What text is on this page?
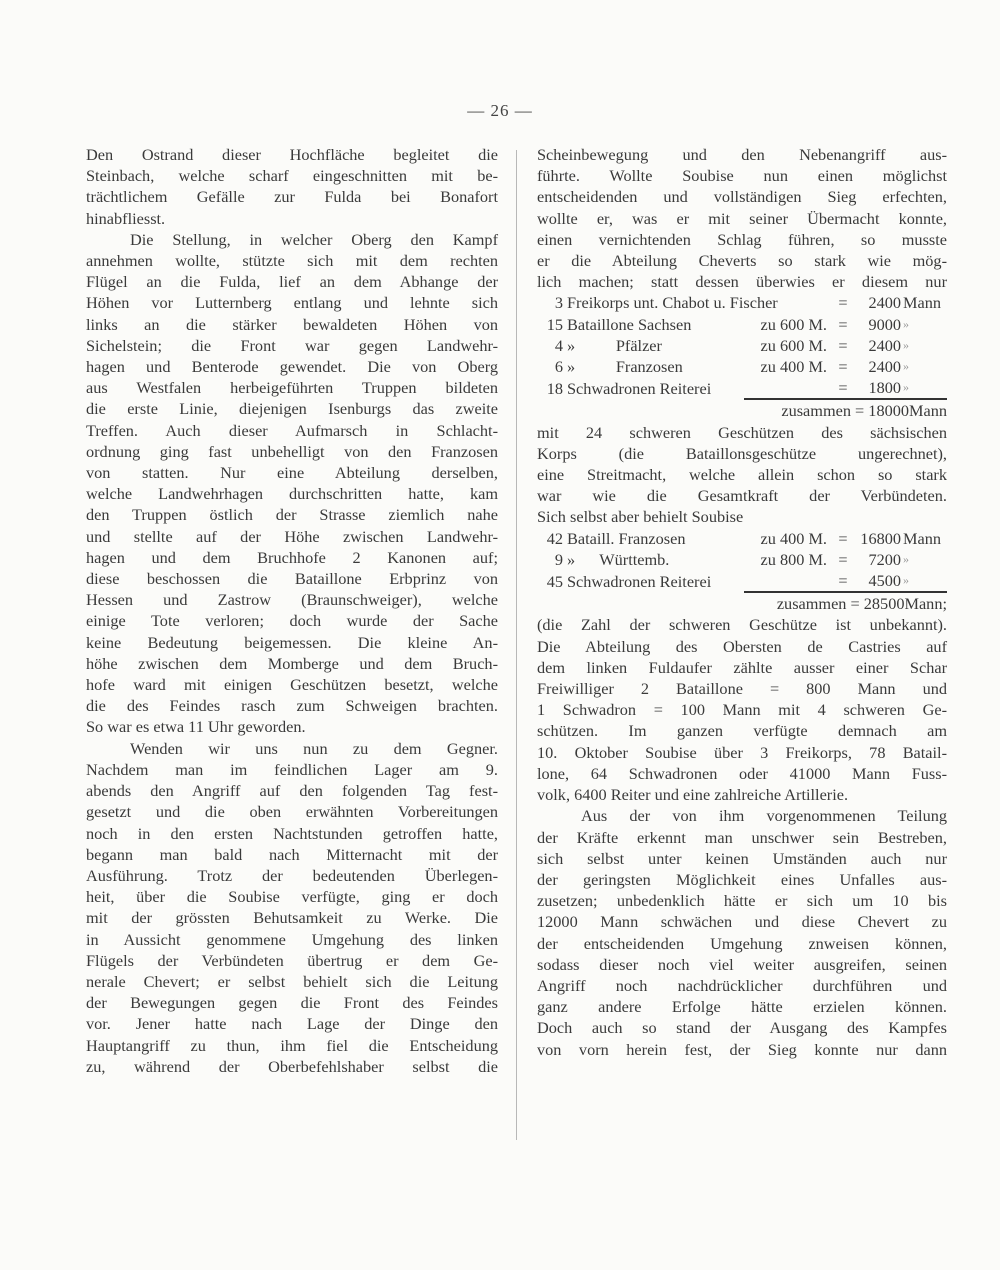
— 26 —
Den Ostrand dieser Hochfläche begleitet die
Steinbach, welche scharf eingeschnitten mit be-
trächtlichem Gefälle zur Fulda bei Bonafort
hinabfliesst.
Die Stellung, in welcher Oberg den Kampf
annehmen wollte, stützte sich mit dem rechten
Flügel an die Fulda, lief an dem Abhange der
Höhen vor Lutternberg entlang und lehnte sich
links an die stärker bewaldeten Höhen von
Sichelstein; die Front war gegen Landwehr-
hagen und Benterode gewendet. Die von Oberg
aus Westfalen herbeigeführten Truppen bildeten
die erste Linie, diejenigen Isenburgs das zweite
Treffen. Auch dieser Aufmarsch in Schlacht-
ordnung ging fast unbehelligt von den Franzosen
von statten. Nur eine Abteilung derselben,
welche Landwehrhagen durchschritten hatte, kam
den Truppen östlich der Strasse ziemlich nahe
und stellte auf der Höhe zwischen Landwehr-
hagen und dem Bruchhofe 2 Kanonen auf;
diese beschossen die Bataillone Erbprinz von
Hessen und Zastrow (Braunschweiger), welche
einige Tote verloren; doch wurde der Sache
keine Bedeutung beigemessen. Die kleine An-
höhe zwischen dem Momberge und dem Bruch-
hofe ward mit einigen Geschützen besetzt, welche
die des Feindes rasch zum Schweigen brachten.
So war es etwa 11 Uhr geworden.
Wenden wir uns nun zu dem Gegner.
Nachdem man im feindlichen Lager am 9.
abends den Angriff auf den folgenden Tag fest-
gesetzt und die oben erwähnten Vorbereitungen
noch in den ersten Nachtstunden getroffen hatte,
begann man bald nach Mitternacht mit der
Ausführung. Trotz der bedeutenden Überlegen-
heit, über die Soubise verfügte, ging er doch
mit der grössten Behutsamkeit zu Werke. Die
in Aussicht genommene Umgehung des linken
Flügels der Verbündeten übertrug er dem Ge-
nerale Chevert; er selbst behielt sich die Leitung
der Bewegungen gegen die Front des Feindes
vor. Jener hatte nach Lage der Dinge den
Hauptangriff zu thun, ihm fiel die Entscheidung
zu, während der Oberbefehlshaber selbst die
Scheinbewegung und den Nebenangriff aus-
führte. Wollte Soubise nun einen möglichst
entscheidenden und vollständigen Sieg erfechten,
wollte er, was er mit seiner Übermacht konnte,
einen vernichtenden Schlag führen, so musste
er die Abteilung Cheverts so stark wie mög-
lich machen; statt dessen überwies er diesem nur
3	Freikorps unt. Chabot u. Fischer		=	2400	Mann
15	Bataillone Sachsen	zu 600 M.	=	9000	»
4	»          Pfälzer	zu 600 M.	=	2400	»
6	»          Franzosen	zu 400 M.	=	2400	»
18	Schwadronen Reiterei		=	1800	»
zusammen = 18000Mann					
mit 24 schweren Geschützen des sächsischen
Korps (die Bataillonsgeschütze ungerechnet),
eine Streitmacht, welche allein schon so stark
war wie die Gesamtkraft der Verbündeten.
Sich selbst aber behielt Soubise
42	Bataill. Franzosen	zu 400 M.	=	16800	Mann
9	»      Württemb.	zu 800 M.	=	7200	»
45	Schwadronen Reiterei		=	4500	»
zusammen = 28500Mann;					
(die Zahl der schweren Geschütze ist unbekannt).
Die Abteilung des Obersten de Castries auf
dem linken Fuldaufer zählte ausser einer Schar
Freiwilliger 2 Bataillone = 800 Mann und
1 Schwadron = 100 Mann mit 4 schweren Ge-
schützen. Im ganzen verfügte demnach am
10. Oktober Soubise über 3 Freikorps, 78 Batail-
lone, 64 Schwadronen oder 41000 Mann Fuss-
volk, 6400 Reiter und eine zahlreiche Artillerie.
Aus der von ihm vorgenommenen Teilung
der Kräfte erkennt man unschwer sein Bestreben,
sich selbst unter keinen Umständen auch nur
der geringsten Möglichkeit eines Unfalles aus-
zusetzen; unbedenklich hätte er sich um 10 bis
12000 Mann schwächen und diese Chevert zu
der entscheidenden Umgehung znweisen können,
sodass dieser noch viel weiter ausgreifen, seinen
Angriff noch nachdrücklicher durchführen und
ganz andere Erfolge hätte erzielen können.
Doch auch so stand der Ausgang des Kampfes
von vorn herein fest, der Sieg konnte nur dann
